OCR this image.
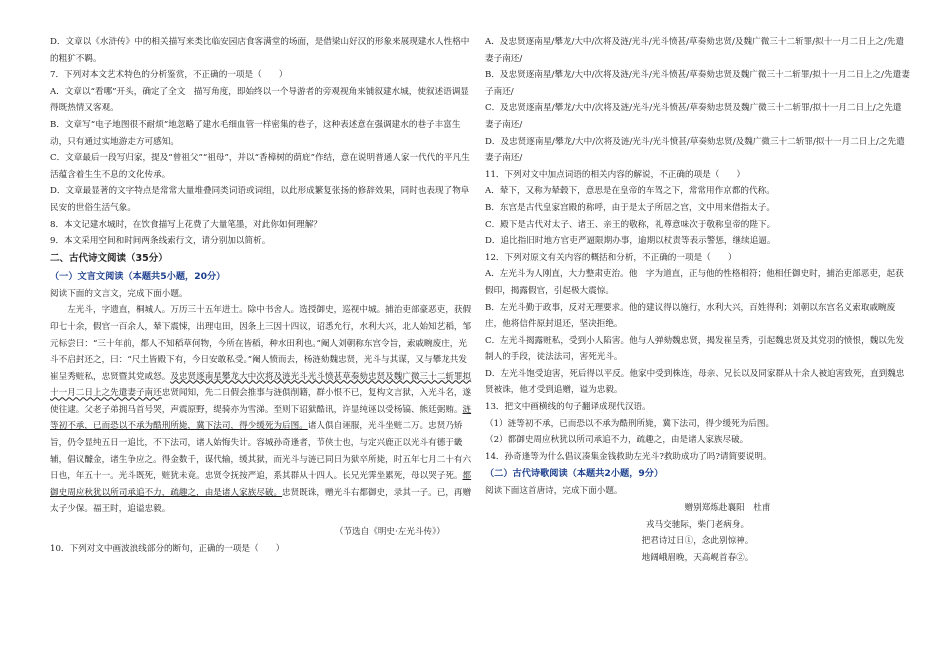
D．文章以《水浒传》中的相关描写来类比临安园店食客满堂的场面，是借梁山好汉的形象来展现建水人性格中的粗犷不羁。

7．下列对本文艺术特色的分析鉴赏，不正确的一项是（　　）

A．文章以“看哪”开头，确定了全文　描写角度，即始终以一个导游者的旁观视角来铺叙建水城，使叙述语调显得既热情又客观。

B．文章写“电子地图很不耐烦”地忽略了建水毛细血管一样密集的巷子，这种表述意在强调建水的巷子丰富生动，只有通过实地游走方可感知。

C．文章最后一段写归家，提及“曾祖父”“祖母”，并以“香樟树的荫庇”作结，意在说明普通人家一代代的平凡生活蕴含着生生不息的文化传承。

D．文章最显著的文字特点是常常大量堆叠同类词语或词组，以此形成繁复张扬的修辞效果，同时也表现了物阜民安的世俗生活气象。

8．本文记建水城时，在饮食描写上花费了大量笔墨，对此你如何理解？

9．本文采用空间和时间两条线索行文，请分别加以简析。

二、古代诗文阅读（35分）

（一）文言文阅读（本题共5小题，20分）

阅读下面的文言文，完成下面小题。

左光斗，字遗直，桐城人。万历三十五年进士。除中书舍人。选授御史，巡视中城。捕治吏部豪恶吏，获假印七十余，假官一百余人，辇下震悚，出理屯田，因条上三因十四议，诏悉允行，水利大兴，北人始知艺稻，邹元标尝曰：“三十年前，都人不知稻草何物，今所在皆稻，种水田利也。”阉人刘朝称东宫令旨，索戚畹废庄，光斗不启封还之，曰：“尺土皆殿下有，今日安敢私受。”阉人愤而去，杨涟劾魏忠贤，光斗与其谋，又与攀龙共发崔呈秀赃私，忠贤暨其党咸怒。及忠贤逐南星攀龙大中次将及涟光斗光斗愤甚草奏劾忠贤及魏广微三十二斩罪拟十一月二日上之先遣妻子南还忠贤闻知，先二日假会推事与涟俱削籍，群小恨不已，复构文言狱，入光斗名，遂使往逮。父老子弟拥马首号哭，声震原野，缇骑亦为雪涕。至则下诏狱酷讯，许显纯诬以受杨镐、熊廷弼贿。涟等初不承，已而恐以不承为酷刑所毙，冀下法司，得少缓死为后图。诸人俱自诬服，光斗坐赃二万。忠贤乃矫旨，仍令显纯五日一追比，不下法司，诸人始悔失计。容城孙奇逢者，节侠士也，与定兴鹿正以光斗有德于畿辅，倡议醵金，诸生争应之。得金数千，谋代输，缓其狱，而光斗与涟已同日为狱卒所毙，时五年七月二十有六日也，年五十一。光斗既死，赃犹未竟。忠贤令抚按严追，系其群从十四人。长兄光霁坐累死，母以哭子死。都御史周应秋犹以所司承追不力，疏趣之，由是诸人家族尽破。忠贤既诛，赠光斗右都御史，录其一子。已，再赠太子少保。福王时，追谥忠毅。

（节选自《明史·左光斗传》）

10．下列对文中画波浪线部分的断句，正确的一项是（　　）

A．及忠贤逐南星/攀龙/大中/次将及涟/光斗/光斗愤甚/草奏劾忠贤/及魏广微三十二斩罪/拟十一月二日上之/先遣妻子南还/

B．及忠贤逐南星/攀龙/大中/次将及涟/光斗/光斗愤甚/草奏劾忠贤及魏广微三十二斩罪/拟十一月二日上之/先遣妻子南还/

C．及忠贤逐南星/攀龙/大中/次将及涟/光斗/光斗愤甚/草奏劾忠贤及魏广微三十二斩罪/拟十一月二日上/之先遣妻子南还/

D．及忠贤逐南星/攀龙/大中/次将及涟/光斗/光斗愤甚/草奏劾忠贤/及魏广微三十二斩罪/拟十一月二日上/之先遣妻子南还/

11．下列对文中加点词语的相关内容的解说，不正确的项是（　　）

A．辇下，又称为辇毂下，意思是在皇帝的车驾之下，常常用作京都的代称。

B．东宫是古代皇家宫殿的称呼，由于是太子所居之宫，文中用来借指太子。

C．殿下是古代对太子、诸王、亲王的敬称，礼尊意味次于敬称皇帝的陛下。

D．追比指旧时地方官吏严逼限期办事，逾期以杖责等表示警惩，继续追逼。

12．下列对原文有关内容的概括和分析，不正确的一项是（　　）

A．左光斗为人刚直，大力整肃吏治。他　字为道直，正与他的性格相符；他相任御史时，捕治吏部恶吏，起获假印，揭露假官，引起极大震惊。

B．左光斗勤于政事，反对无理要求。他的建议得以施行，水利大兴，百姓得利；刘朝以东宫名义索取戚畹废庄，他将信件原封退还，坚决拒绝。

C．左光斗揭露赃私，受到小人陷害。他与人弹劾魏忠贤，揭发崔呈秀，引起魏忠贤及其党羽的愤恨，魏以先发制人的手段，徒法法司，害死光斗。

D．左光斗饱受迫害，死后得以平反。他家中受到株连，母亲、兄长以及同家群从十余人被迫害致死，直到魏忠贤被诛，他才受到追赠，谥为忠毅。

13．把文中画横线的句子翻译成现代汉语。

（1）涟等初不承，已而恐以不承为酷刑所毙，冀下法司，得少缓死为后图。

（2）都御史周应秋犹以所司承追不力，疏趣之，由是诸人家族尽破。

14．孙奇逢等为什么倡议凑集金钱救助左光斗?救助成功了吗?请简要说明。

（二）古代诗歌阅读（本题共2小题，9分）

阅读下面这首唐诗，完成下面小题。

赠别郑炼赴襄阳　杜甫

戎马交驰际，柴门老病身。

把君诗过日①，念此别惊神。

地阔峨眉晚，天高岘首春②。
